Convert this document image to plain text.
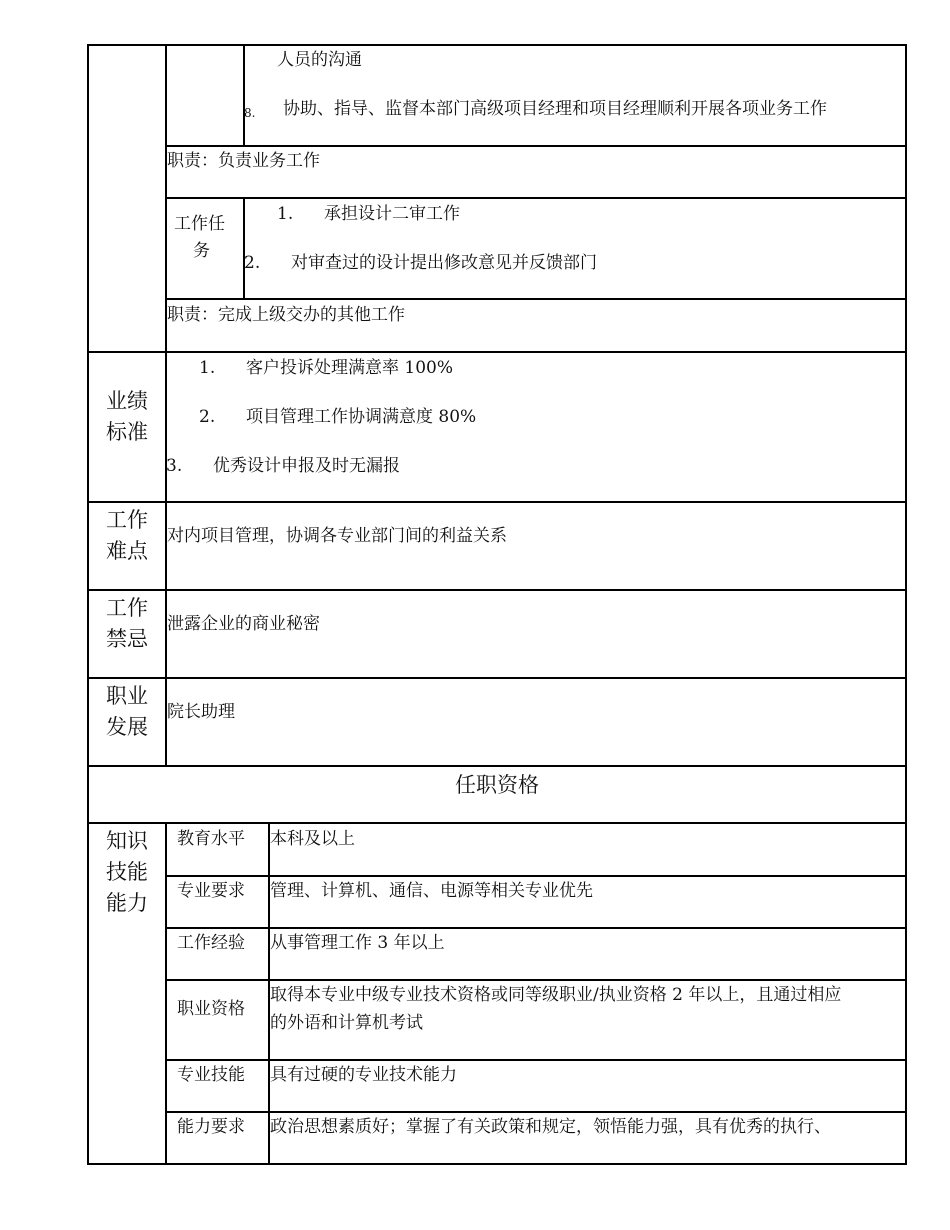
人员的沟通
8. 协助、指导、监督本部门高级项目经理和项目经理顺利开展各项业务工作
职责：负责业务工作
工作任
务
1. 承担设计二审工作
2. 对审查过的设计提出修改意见并反馈部门
职责：完成上级交办的其他工作
业绩
标准
1. 客户投诉处理满意率 100%
2. 项目管理工作协调满意度 80%
3. 优秀设计申报及时无漏报
工作
难点
对内项目管理，协调各专业部门间的利益关系
工作
禁忌
泄露企业的商业秘密
职业
发展
院长助理
任职资格
知识
技能
能力
教育水平 本科及以上
专业要求 管理、计算机、通信、电源等相关专业优先
工作经验 从事管理工作 3 年以上
职业资格
取得本专业中级专业技术资格或同等级职业/执业资格 2 年以上，且通过相应
的外语和计算机考试
专业技能 具有过硬的专业技术能力
能力要求 政治思想素质好；掌握了有关政策和规定，领悟能力强，具有优秀的执行、
